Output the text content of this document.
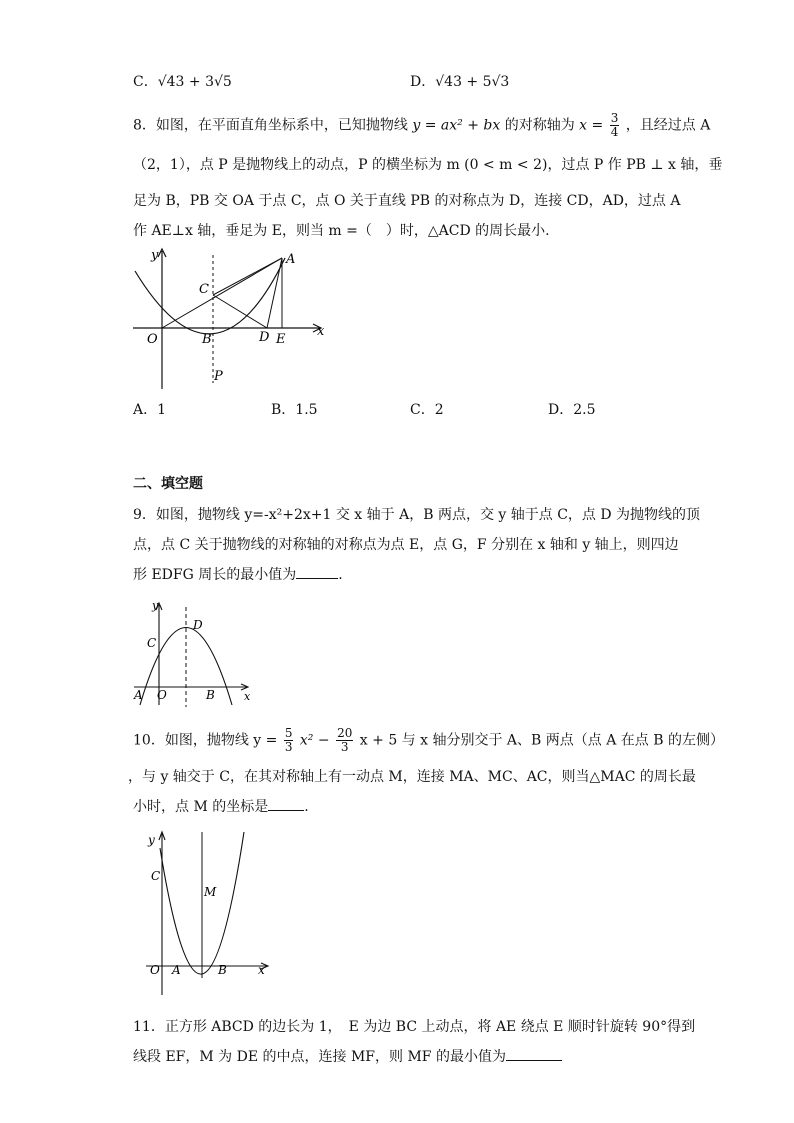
C．√43 + 3√5	D．√43 + 5√3
8．如图，在平面直角坐标系中，已知抛物线 y = ax² + bx 的对称轴为 $x = \frac{3}{4}$ ，且经过点 A
（2，1），点 P 是抛物线上的动点，P 的横坐标为 m (0 < m < 2)，过点 P 作 PB ⊥ x 轴，垂
足为 B，PB 交 OA 于点 C，点 O 关于直线 PB 的对称点为 D，连接 CD，AD，过点 A
作 AE⊥x 轴，垂足为 E，则当 m =（　）时，△ACD 的周长最小.
y
x
A
C
O	B	D E
P
A．1	B．1.5	C．2	D．2.5
二、填空题
9．如图，抛物线 y=-x²+2x+1 交 x 轴于 A，B 两点，交 y 轴于点 C，点 D 为抛物线的顶
点，点 C 关于抛物线的对称轴的对称点为点 E，点 G，F 分别在 x 轴和 y 轴上，则四边
形 EDFG 周长的最小值为	.
y
x
C
D
A O	B
10．如图，抛物线 $y = \frac{5}{3} x^2 - \frac{20}{3}$ x + 5 与 x 轴分别交于 A、B 两点（点 A 在点 B 的左侧）
，与 y 轴交于 C，在其对称轴上有一动点 M，连接 MA、MC、AC，则当△MAC 的周长最
小时，点 M 的坐标是	.
y
x
C
M
O A	B
11．正方形 ABCD 的边长为 1，　E 为边 BC 上动点，将 AE 绕点 E 顺时针旋转 90°得到
线段 EF，M 为 DE 的中点，连接 MF，则 MF 的最小值为
